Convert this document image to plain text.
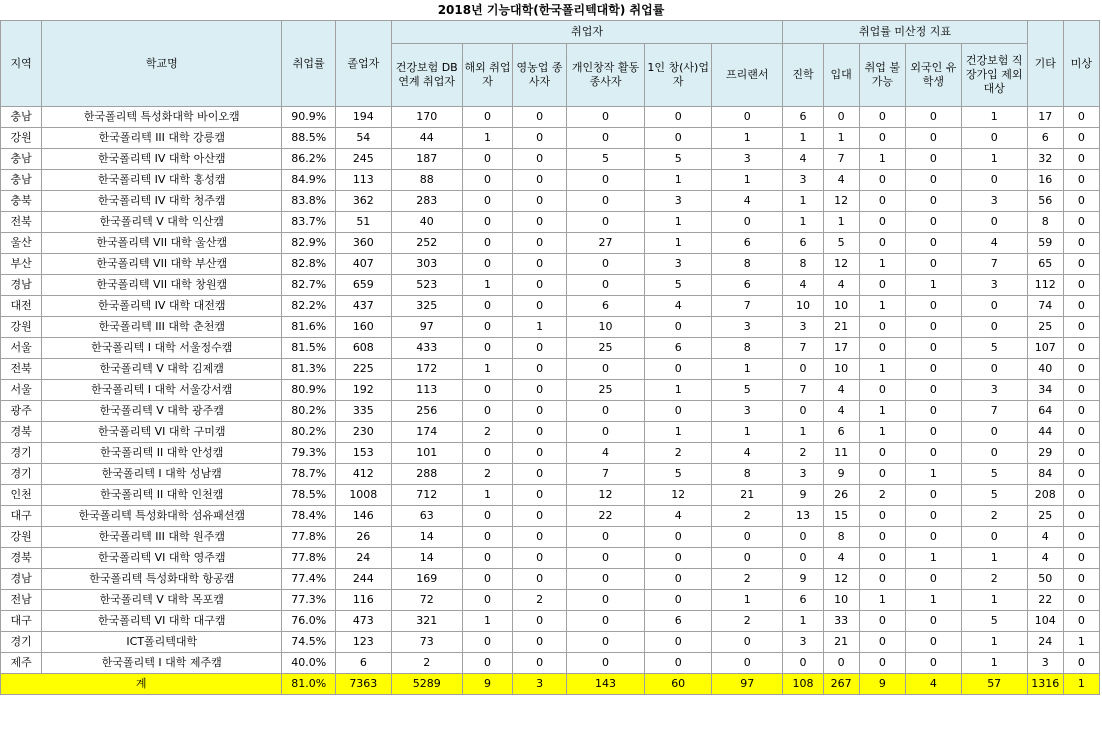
2018년 기능대학(한국폴리텍대학) 취업률
지역	학교명	취업률	졸업자	취업자						취업률 미산정 지표					기타	미상
				건강보험 DB연계 취업자	해외 취업자	영농업 종사자	개인창작 활동종사자	1인 창(사)업자	프리랜서	진학	입대	취업 불가능	외국인 유학생	건강보험 직장가입 제외대상		
충남	한국폴리텍 특성화대학 바이오캠	90.9%	194	170	0	0	0	0	0	6	0	0	0	1	17	0
강원	한국폴리텍 III 대학 강릉캠	88.5%	54	44	1	0	0	0	1	1	1	0	0	0	6	0
충남	한국폴리텍 IV 대학 아산캠	86.2%	245	187	0	0	5	5	3	4	7	1	0	1	32	0
충남	한국폴리텍 IV 대학 홍성캠	84.9%	113	88	0	0	0	1	1	3	4	0	0	0	16	0
충북	한국폴리텍 IV 대학 청주캠	83.8%	362	283	0	0	0	3	4	1	12	0	0	3	56	0
전북	한국폴리텍 V 대학 익산캠	83.7%	51	40	0	0	0	1	0	1	1	0	0	0	8	0
울산	한국폴리텍 VII 대학 울산캠	82.9%	360	252	0	0	27	1	6	6	5	0	0	4	59	0
부산	한국폴리텍 VII 대학 부산캠	82.8%	407	303	0	0	0	3	8	8	12	1	0	7	65	0
경남	한국폴리텍 VII 대학 창원캠	82.7%	659	523	1	0	0	5	6	4	4	0	1	3	112	0
대전	한국폴리텍 IV 대학 대전캠	82.2%	437	325	0	0	6	4	7	10	10	1	0	0	74	0
강원	한국폴리텍 III 대학 춘천캠	81.6%	160	97	0	1	10	0	3	3	21	0	0	0	25	0
서울	한국폴리텍 I 대학 서울정수캠	81.5%	608	433	0	0	25	6	8	7	17	0	0	5	107	0
전북	한국폴리텍 V 대학 김제캠	81.3%	225	172	1	0	0	0	1	0	10	1	0	0	40	0
서울	한국폴리텍 I 대학 서울강서캠	80.9%	192	113	0	0	25	1	5	7	4	0	0	3	34	0
광주	한국폴리텍 V 대학 광주캠	80.2%	335	256	0	0	0	0	3	0	4	1	0	7	64	0
경북	한국폴리텍 VI 대학 구미캠	80.2%	230	174	2	0	0	1	1	1	6	1	0	0	44	0
경기	한국폴리텍 II 대학 안성캠	79.3%	153	101	0	0	4	2	4	2	11	0	0	0	29	0
경기	한국폴리텍 I 대학 성남캠	78.7%	412	288	2	0	7	5	8	3	9	0	1	5	84	0
인천	한국폴리텍 II 대학 인천캠	78.5%	1008	712	1	0	12	12	21	9	26	2	0	5	208	0
대구	한국폴리텍 특성화대학 섬유패션캠	78.4%	146	63	0	0	22	4	2	13	15	0	0	2	25	0
강원	한국폴리텍 III 대학 원주캠	77.8%	26	14	0	0	0	0	0	0	8	0	0	0	4	0
경북	한국폴리텍 VI 대학 영주캠	77.8%	24	14	0	0	0	0	0	0	4	0	1	1	4	0
경남	한국폴리텍 특성화대학 항공캠	77.4%	244	169	0	0	0	0	2	9	12	0	0	2	50	0
전남	한국폴리텍 V 대학 목포캠	77.3%	116	72	0	2	0	0	1	6	10	1	1	1	22	0
대구	한국폴리텍 VI 대학 대구캠	76.0%	473	321	1	0	0	6	2	1	33	0	0	5	104	0
경기	ICT폴리텍대학	74.5%	123	73	0	0	0	0	0	3	21	0	0	1	24	1
제주	한국폴리텍 I 대학 제주캠	40.0%	6	2	0	0	0	0	0	0	0	0	0	1	3	0
계		81.0%	7363	5289	9	3	143	60	97	108	267	9	4	57	1316	1
